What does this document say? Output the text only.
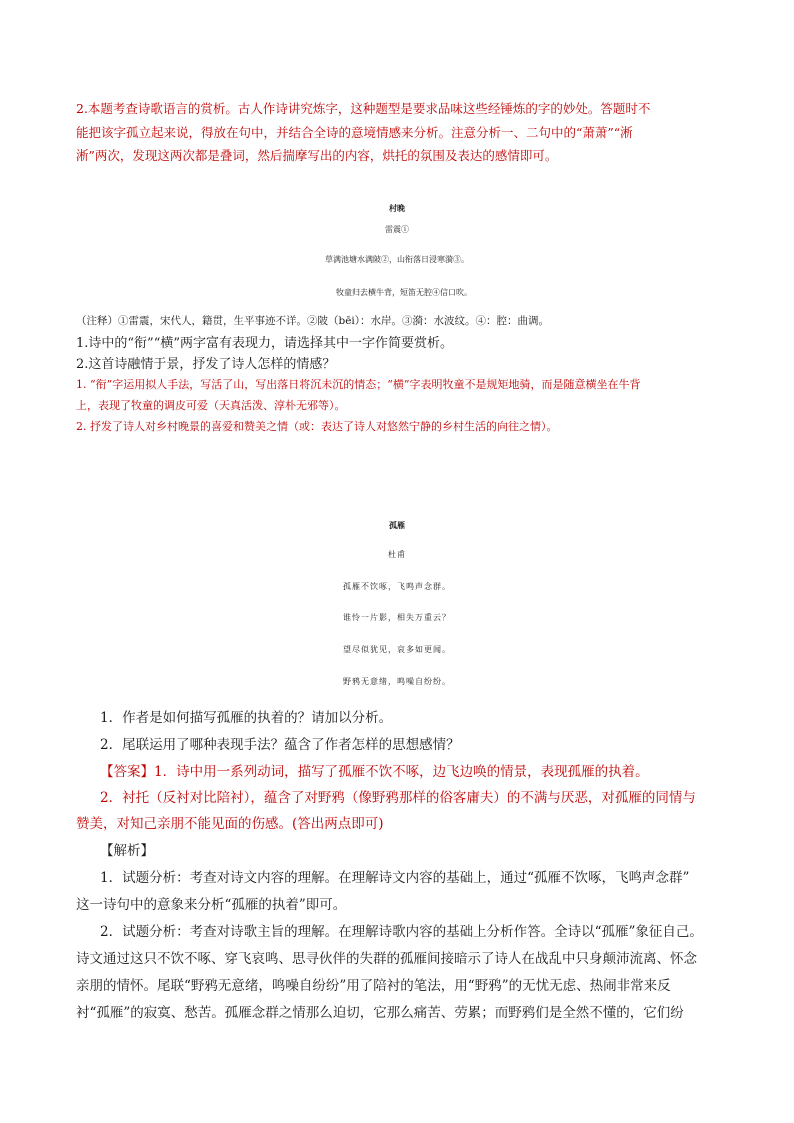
2.本题考查诗歌语言的赏析。古人作诗讲究炼字，这种题型是要求品味这些经锤炼的字的妙处。答题时不
能把该字孤立起来说，得放在句中，并结合全诗的意境情感来分析。注意分析一、二句中的“萧萧”“淅
淅”两次，发现这两次都是叠词，然后揣摩写出的内容，烘托的氛围及表达的感情即可。
村晚
雷震①
草满池塘水满陂②，山衔落日浸寒漪③。
牧童归去横牛背，短笛无腔④信口吹。
（注释）①雷震，宋代人，籍贯，生平事迹不详。②陂（bēi）：水岸。③漪：水波纹。④：腔：曲调。
1.诗中的“衔”“横”两字富有表现力，请选择其中一字作简要赏析。
2.这首诗融情于景，抒发了诗人怎样的情感？
1. “衔”字运用拟人手法，写活了山，写出落日将沉未沉的情态；“横”字表明牧童不是规矩地骑，而是随意横坐在牛背
上，表现了牧童的调皮可爱（天真活泼、淳朴无邪等）。
2. 抒发了诗人对乡村晚景的喜爱和赞美之情（或：表达了诗人对悠然宁静的乡村生活的向往之情）。
孤雁
杜甫
孤雁不饮啄，飞鸣声念群。
谁怜一片影，相失万重云？
望尽似犹见，哀多如更闻。
野鸦无意绪，鸣噪自纷纷。
1．作者是如何描写孤雁的执着的？请加以分析。
2．尾联运用了哪种表现手法？蕴含了作者怎样的思想感情？
【答案】1．诗中用一系列动词，描写了孤雁不饮不啄，边飞边唤的情景，表现孤雁的执着。
2．衬托（反衬对比陪衬），蕴含了对野鸦（像野鸦那样的俗客庸夫）的不满与厌恶，对孤雁的同情与
赞美，对知己亲朋不能见面的伤感。(答出两点即可)
【解析】
1．试题分析：考查对诗文内容的理解。在理解诗文内容的基础上，通过“孤雁不饮啄，飞鸣声念群”
这一诗句中的意象来分析“孤雁的执着”即可。
2．试题分析：考查对诗歌主旨的理解。在理解诗歌内容的基础上分析作答。全诗以“孤雁”象征自己。
诗文通过这只不饮不啄、穿飞哀鸣、思寻伙伴的失群的孤雁间接暗示了诗人在战乱中只身颠沛流离、怀念
亲朋的情怀。尾联“野鸦无意绪，鸣噪自纷纷”用了陪衬的笔法，用“野鸦”的无忧无虑、热闹非常来反
衬“孤雁”的寂寞、愁苦。孤雁念群之情那么迫切，它那么痛苦、劳累；而野鸦们是全然不懂的，它们纷
